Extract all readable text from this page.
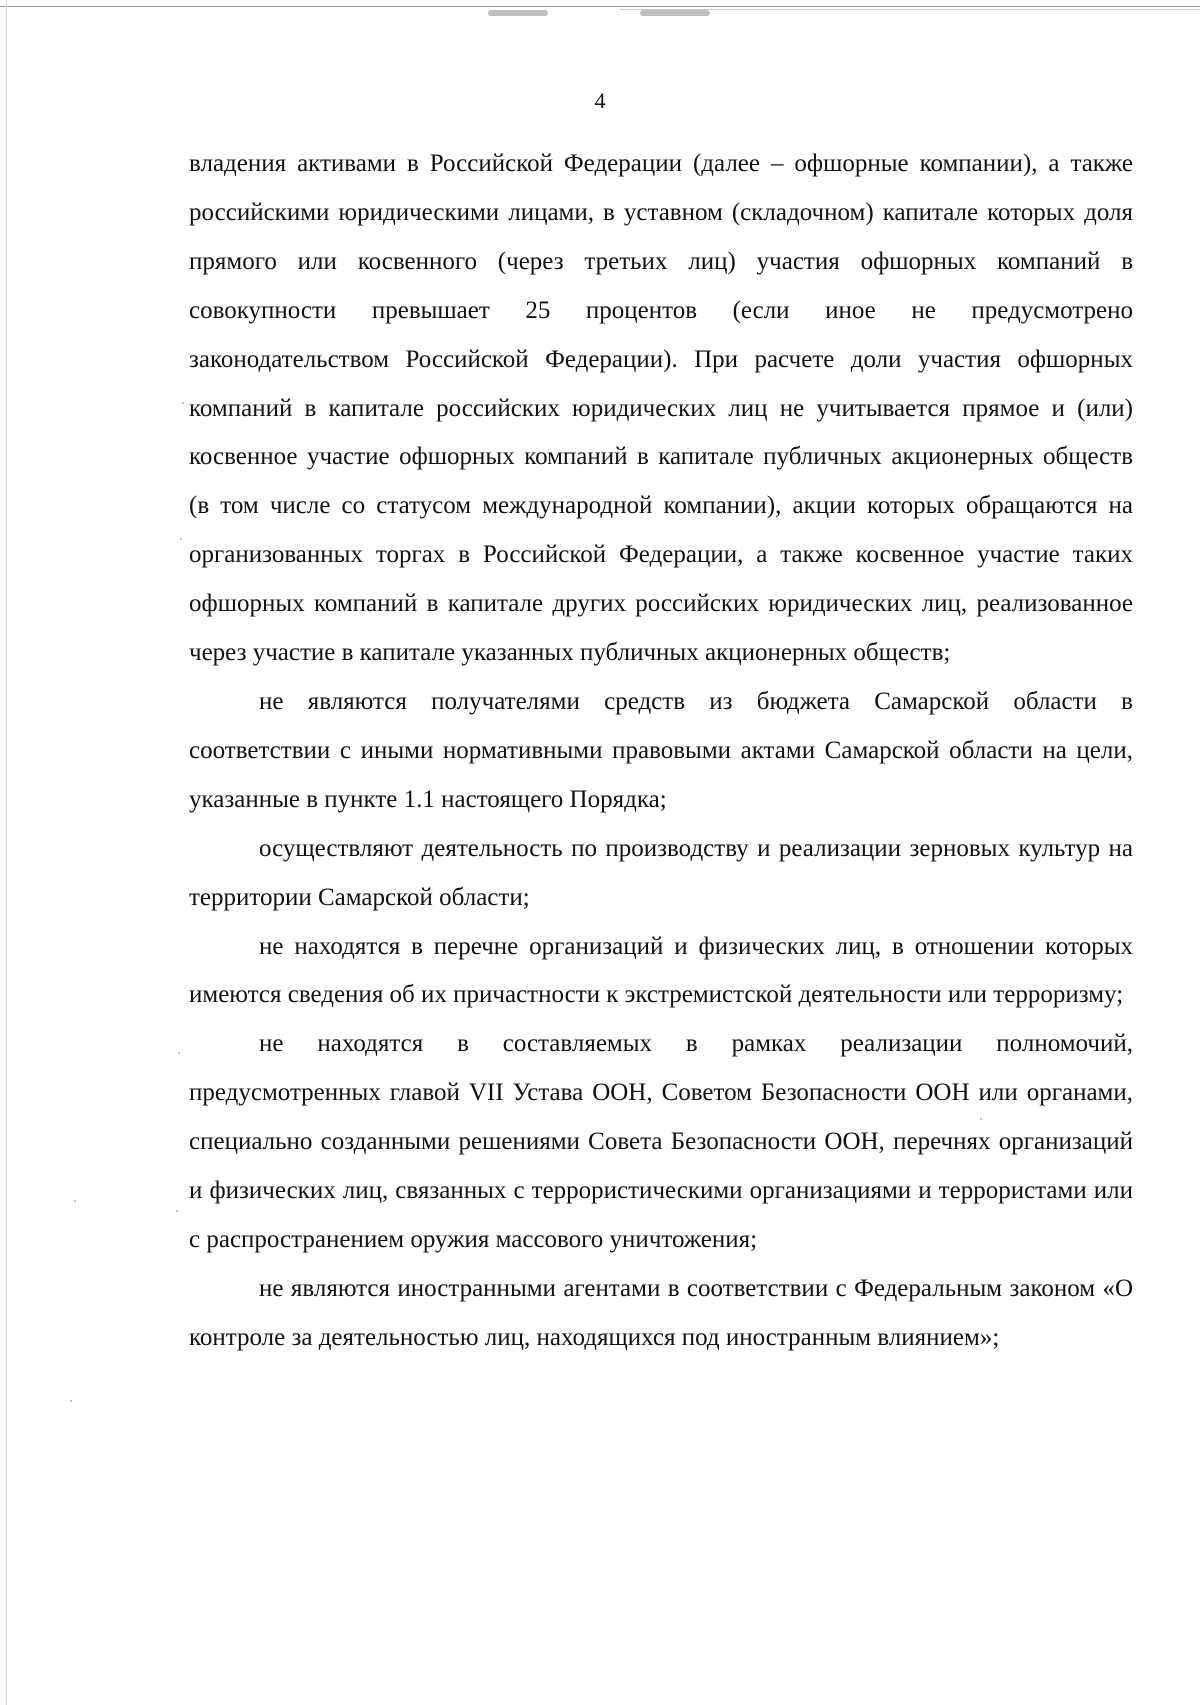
4

владения активами в Российской Федерации (далее – офшорные компании), а также российскими юридическими лицами, в уставном (складочном) капитале которых доля прямого или косвенного (через третьих лиц) участия офшорных компаний в совокупности превышает 25 процентов (если иное не предусмотрено законодательством Российской Федерации). При расчете доли участия офшорных компаний в капитале российских юридических лиц не учитывается прямое и (или) косвенное участие офшорных компаний в капитале публичных акционерных обществ (в том числе со статусом международной компании), акции которых обращаются на организованных торгах в Российской Федерации, а также косвенное участие таких офшорных компаний в капитале других российских юридических лиц, реализованное через участие в капитале указанных публичных акционерных обществ;

не являются получателями средств из бюджета Самарской области в соответствии с иными нормативными правовыми актами Самарской области на цели, указанные в пункте 1.1 настоящего Порядка;

осуществляют деятельность по производству и реализации зерновых культур на территории Самарской области;

не находятся в перечне организаций и физических лиц, в отношении которых имеются сведения об их причастности к экстремистской деятельности или терроризму;

не находятся в составляемых в рамках реализации полномочий, предусмотренных главой VII Устава ООН, Советом Безопасности ООН или органами, специально созданными решениями Совета Безопасности ООН, перечнях организаций и физических лиц, связанных с террористическими организациями и террористами или с распространением оружия массового уничтожения;

не являются иностранными агентами в соответствии с Федеральным законом «О контроле за деятельностью лиц, находящихся под иностранным влиянием»;
